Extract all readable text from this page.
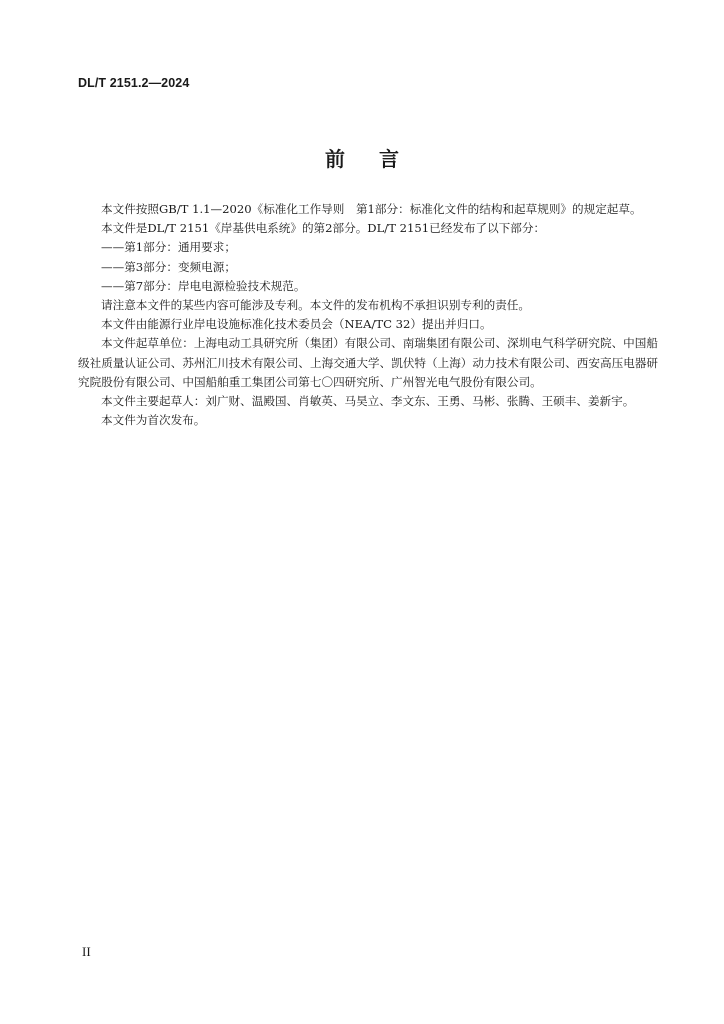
DL/T 2151.2—2024
前言

本文件按照GB/T 1.1—2020《标准化工作导则　第1部分：标准化文件的结构和起草规则》的规定起草。

本文件是DL/T 2151《岸基供电系统》的第2部分。DL/T 2151已经发布了以下部分：

——第1部分：通用要求；

——第3部分：变频电源；

——第7部分：岸电电源检验技术规范。

请注意本文件的某些内容可能涉及专利。本文件的发布机构不承担识别专利的责任。

本文件由能源行业岸电设施标准化技术委员会（NEA/TC 32）提出并归口。

本文件起草单位：上海电动工具研究所（集团）有限公司、南瑞集团有限公司、深圳电气科学研究院、中国船级社质量认证公司、苏州汇川技术有限公司、上海交通大学、凯伏特（上海）动力技术有限公司、西安高压电器研究院股份有限公司、中国船舶重工集团公司第七〇四研究所、广州智光电气股份有限公司。

本文件主要起草人：刘广财、温殿国、肖敏英、马昊立、李文东、王勇、马彬、张腾、王硕丰、姜新宇。

本文件为首次发布。

II
